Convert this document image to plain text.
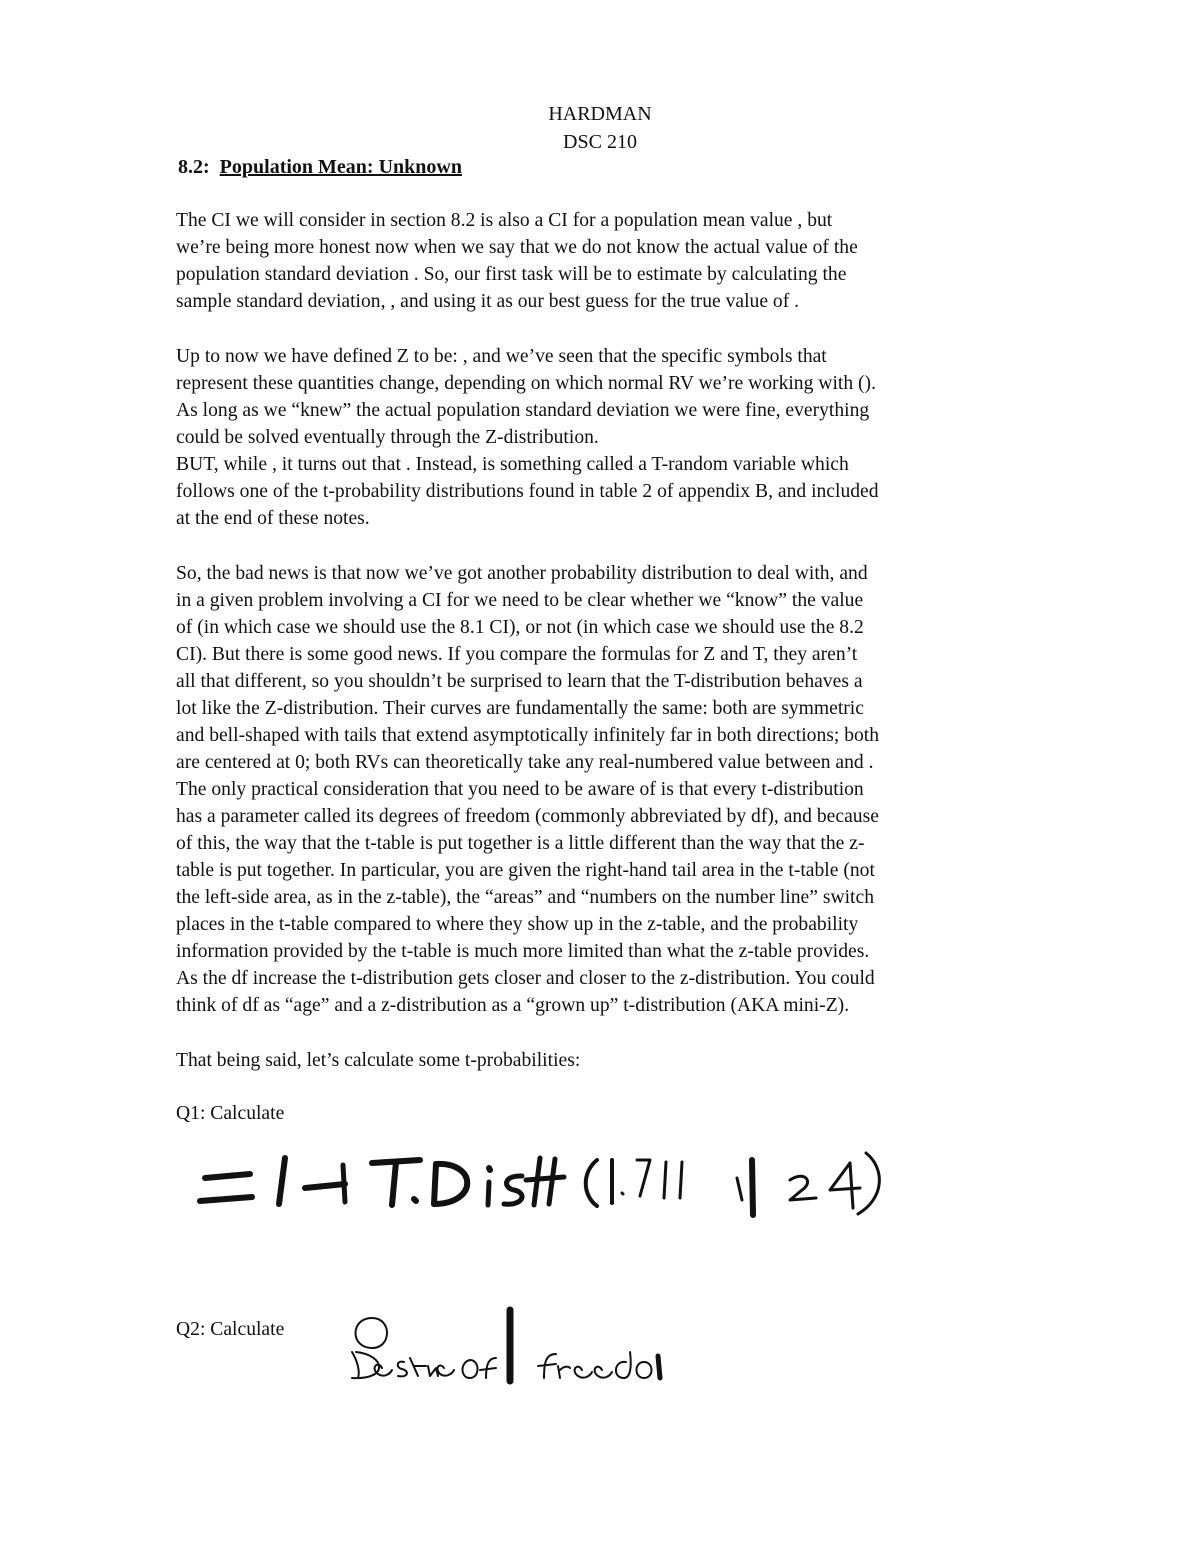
HARDMAN
DSC 210
8.2: Population Mean: Unknown
The CI we will consider in section 8.2 is also a CI for a population mean value , but
we’re being more honest now when we say that we do not know the actual value of the
population standard deviation . So, our first task will be to estimate by calculating the
sample standard deviation, , and using it as our best guess for the true value of .
Up to now we have defined Z to be: , and we’ve seen that the specific symbols that
represent these quantities change, depending on which normal RV we’re working with ().
As long as we “knew” the actual population standard deviation we were fine, everything
could be solved eventually through the Z-distribution.
BUT, while , it turns out that . Instead, is something called a T-random variable which
follows one of the t-probability distributions found in table 2 of appendix B, and included
at the end of these notes.
So, the bad news is that now we’ve got another probability distribution to deal with, and
in a given problem involving a CI for we need to be clear whether we “know” the value
of (in which case we should use the 8.1 CI), or not (in which case we should use the 8.2
CI). But there is some good news. If you compare the formulas for Z and T, they aren’t
all that different, so you shouldn’t be surprised to learn that the T-distribution behaves a
lot like the Z-distribution. Their curves are fundamentally the same: both are symmetric
and bell-shaped with tails that extend asymptotically infinitely far in both directions; both
are centered at 0; both RVs can theoretically take any real-numbered value between and .
The only practical consideration that you need to be aware of is that every t-distribution
has a parameter called its degrees of freedom (commonly abbreviated by df), and because
of this, the way that the t-table is put together is a little different than the way that the z-
table is put together. In particular, you are given the right-hand tail area in the t-table (not
the left-side area, as in the z-table), the “areas” and “numbers on the number line” switch
places in the t-table compared to where they show up in the z-table, and the probability
information provided by the t-table is much more limited than what the z-table provides.
As the df increase the t-distribution gets closer and closer to the z-distribution. You could
think of df as “age” and a z-distribution as a “grown up” t-distribution (AKA mini-Z).
That being said, let’s calculate some t-probabilities:
Q1: Calculate
Q2: Calculate
